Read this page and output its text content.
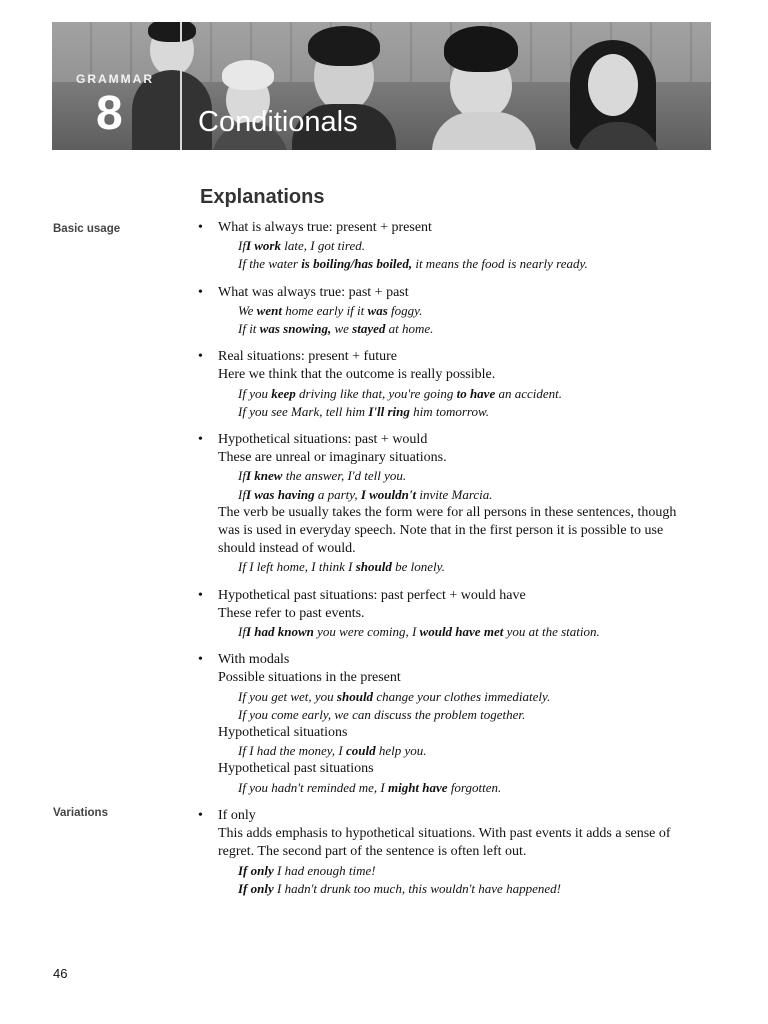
GRAMMAR
8	Conditionals
Explanations
Basic usage
Variations
• What is always true: present + present
IfI work late, I got tired.
If the water is boiling/has boiled, it means the food is nearly ready.
• What was always true: past + past
We went home early if it was foggy.
If it was snowing, we stayed at home.
• Real situations: present + future
Here we think that the outcome is really possible.
If you keep driving like that, you're going to have an accident.
If you see Mark, tell him I'll ring him tomorrow.
• Hypothetical situations: past + would
These are unreal or imaginary situations.
IfI knew the answer, I'd tell you.
IfI was having a party, I wouldn't invite Marcia.
The verb be usually takes the form were for all persons in these sentences, though was is used in everyday speech. Note that in the first person it is possible to use should instead of would.
If I left home, I think I should be lonely.
• Hypothetical past situations: past perfect + would have
These refer to past events.
IfI had known you were coming, I would have met you at the station.
• With modals
Possible situations in the present
If you get wet, you should change your clothes immediately.
If you come early, we can discuss the problem together.
Hypothetical situations
If I had the money, I could help you.
Hypothetical past situations
If you hadn't reminded me, I might have forgotten.
• If only
This adds emphasis to hypothetical situations. With past events it adds a sense of regret. The second part of the sentence is often left out.
If only I had enough time!
If only I hadn't drunk too much, this wouldn't have happened!
46
